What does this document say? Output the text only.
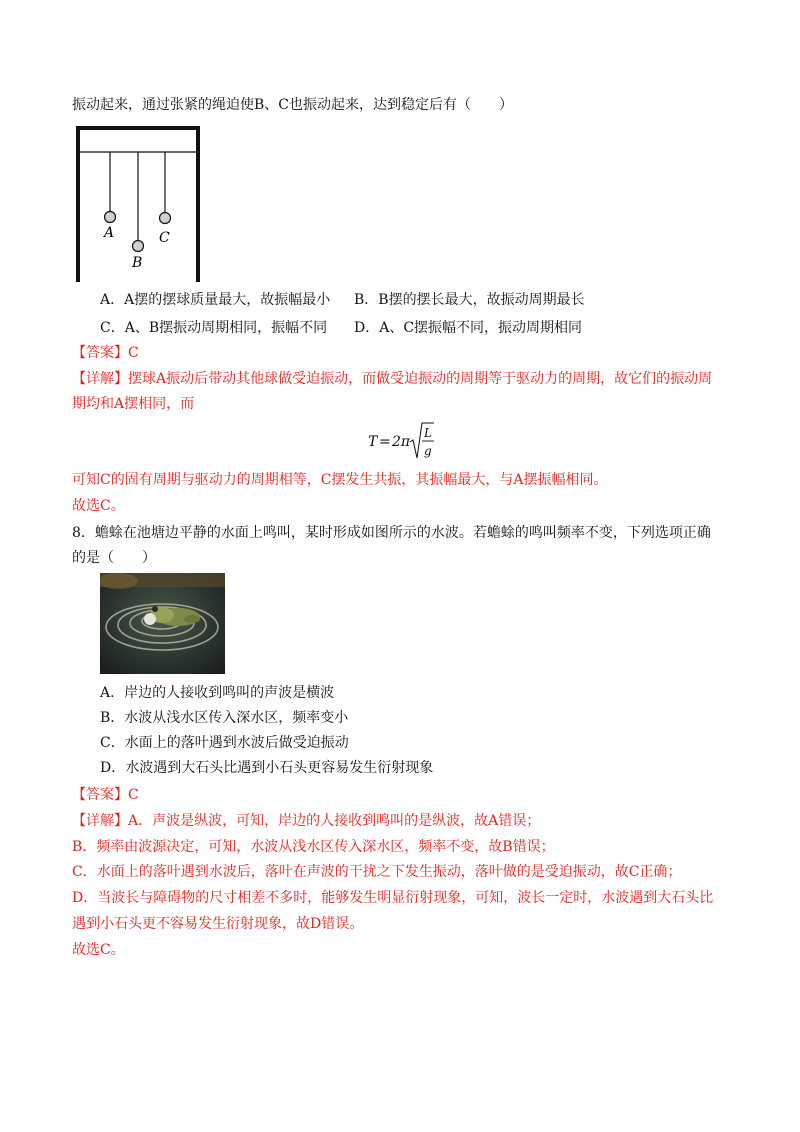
振动起来，通过张紧的绳迫使B、C也振动起来，达到稳定后有（　　）
A
B
C
A．A摆的摆球质量最大，故振幅最小 B．B摆的摆长最大，故振动周期最长
C．A、B摆振动周期相同，振幅不同 D．A、C摆振幅不同，振动周期相同
【答案】C
【详解】摆球A振动后带动其他球做受迫振动，而做受迫振动的周期等于驱动力的周期，故它们的振动周
期均和A摆相同，而
T = 2π
L
g
可知C的固有周期与驱动力的周期相等，C摆发生共振，其振幅最大，与A摆振幅相同。
故选C。
8．蟾蜍在池塘边平静的水面上鸣叫，某时形成如图所示的水波。若蟾蜍的鸣叫频率不变，下列选项正确
的是（　　）
A．岸边的人接收到鸣叫的声波是横波
B．水波从浅水区传入深水区，频率变小
C．水面上的落叶遇到水波后做受迫振动
D．水波遇到大石头比遇到小石头更容易发生衍射现象
【答案】C
【详解】A．声波是纵波，可知，岸边的人接收到鸣叫的是纵波，故A错误；
B．频率由波源决定，可知，水波从浅水区传入深水区，频率不变，故B错误；
C．水面上的落叶遇到水波后，落叶在声波的干扰之下发生振动，落叶做的是受迫振动，故C正确；
D．当波长与障碍物的尺寸相差不多时，能够发生明显衍射现象，可知，波长一定时，水波遇到大石头比
遇到小石头更不容易发生衍射现象，故D错误。
故选C。
